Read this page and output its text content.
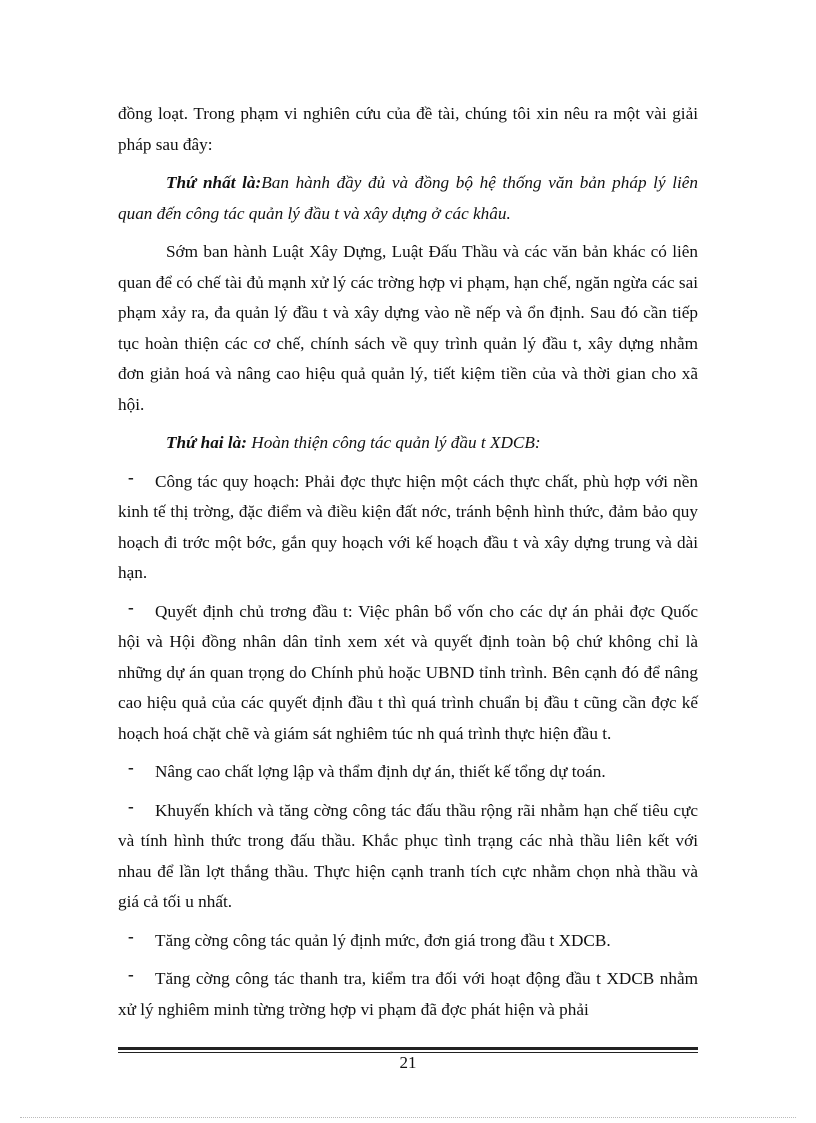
đồng loạt. Trong phạm vi nghiên cứu của đề tài, chúng tôi xin nêu ra một vài giải pháp sau đây:

Thứ nhất là:Ban hành đầy đủ và đồng bộ hệ thống văn bản pháp lý liên quan đến công tác quản lý đầu t và xây dựng ở các khâu.

Sớm ban hành Luật Xây Dựng, Luật Đấu Thầu và các văn bản khác có liên quan để có chế tài đủ mạnh xử lý các trờng hợp vi phạm, hạn chế, ngăn ngừa các sai phạm xảy ra, đa quản lý đầu t và xây dựng vào nề nếp và ổn định. Sau đó cần tiếp tục hoàn thiện các cơ chế, chính sách về quy trình quản lý đầu t, xây dựng nhằm đơn giản hoá và nâng cao hiệu quả quản lý, tiết kiệm tiền của và thời gian cho xã hội.

Thứ hai là: Hoàn thiện công tác quản lý đầu t XDCB:

- Công tác quy hoạch: Phải đợc thực hiện một cách thực chất, phù hợp với nền kinh tế thị trờng, đặc điểm và điều kiện đất nớc, tránh bệnh hình thức, đảm bảo quy hoạch đi trớc một bớc, gắn quy hoạch với kế hoạch đầu t và xây dựng trung và dài hạn.

- Quyết định chủ trơng đầu t: Việc phân bổ vốn cho các dự án phải đợc Quốc hội và Hội đồng nhân dân tỉnh xem xét và quyết định toàn bộ chứ không chỉ là những dự án quan trọng do Chính phủ hoặc UBND tỉnh trình. Bên cạnh đó để nâng cao hiệu quả của các quyết định đầu t thì quá trình chuẩn bị đầu t cũng cần đợc kế hoạch hoá chặt chẽ và giám sát nghiêm túc nh quá trình thực hiện đầu t.

- Nâng cao chất lợng lập và thẩm định dự án, thiết kế tổng dự toán.

- Khuyến khích và tăng cờng công tác đấu thầu rộng rãi nhằm hạn chế tiêu cực và tính hình thức trong đấu thầu. Khắc phục tình trạng các nhà thầu liên kết với nhau để lần lợt thắng thầu. Thực hiện cạnh tranh tích cực nhằm chọn nhà thầu và giá cả tối u nhất.

- Tăng cờng công tác quản lý định mức, đơn giá trong đầu t XDCB.

- Tăng cờng công tác thanh tra, kiểm tra đối với hoạt động đầu t XDCB nhằm xử lý nghiêm minh từng trờng hợp vi phạm đã đợc phát hiện và phải

21
